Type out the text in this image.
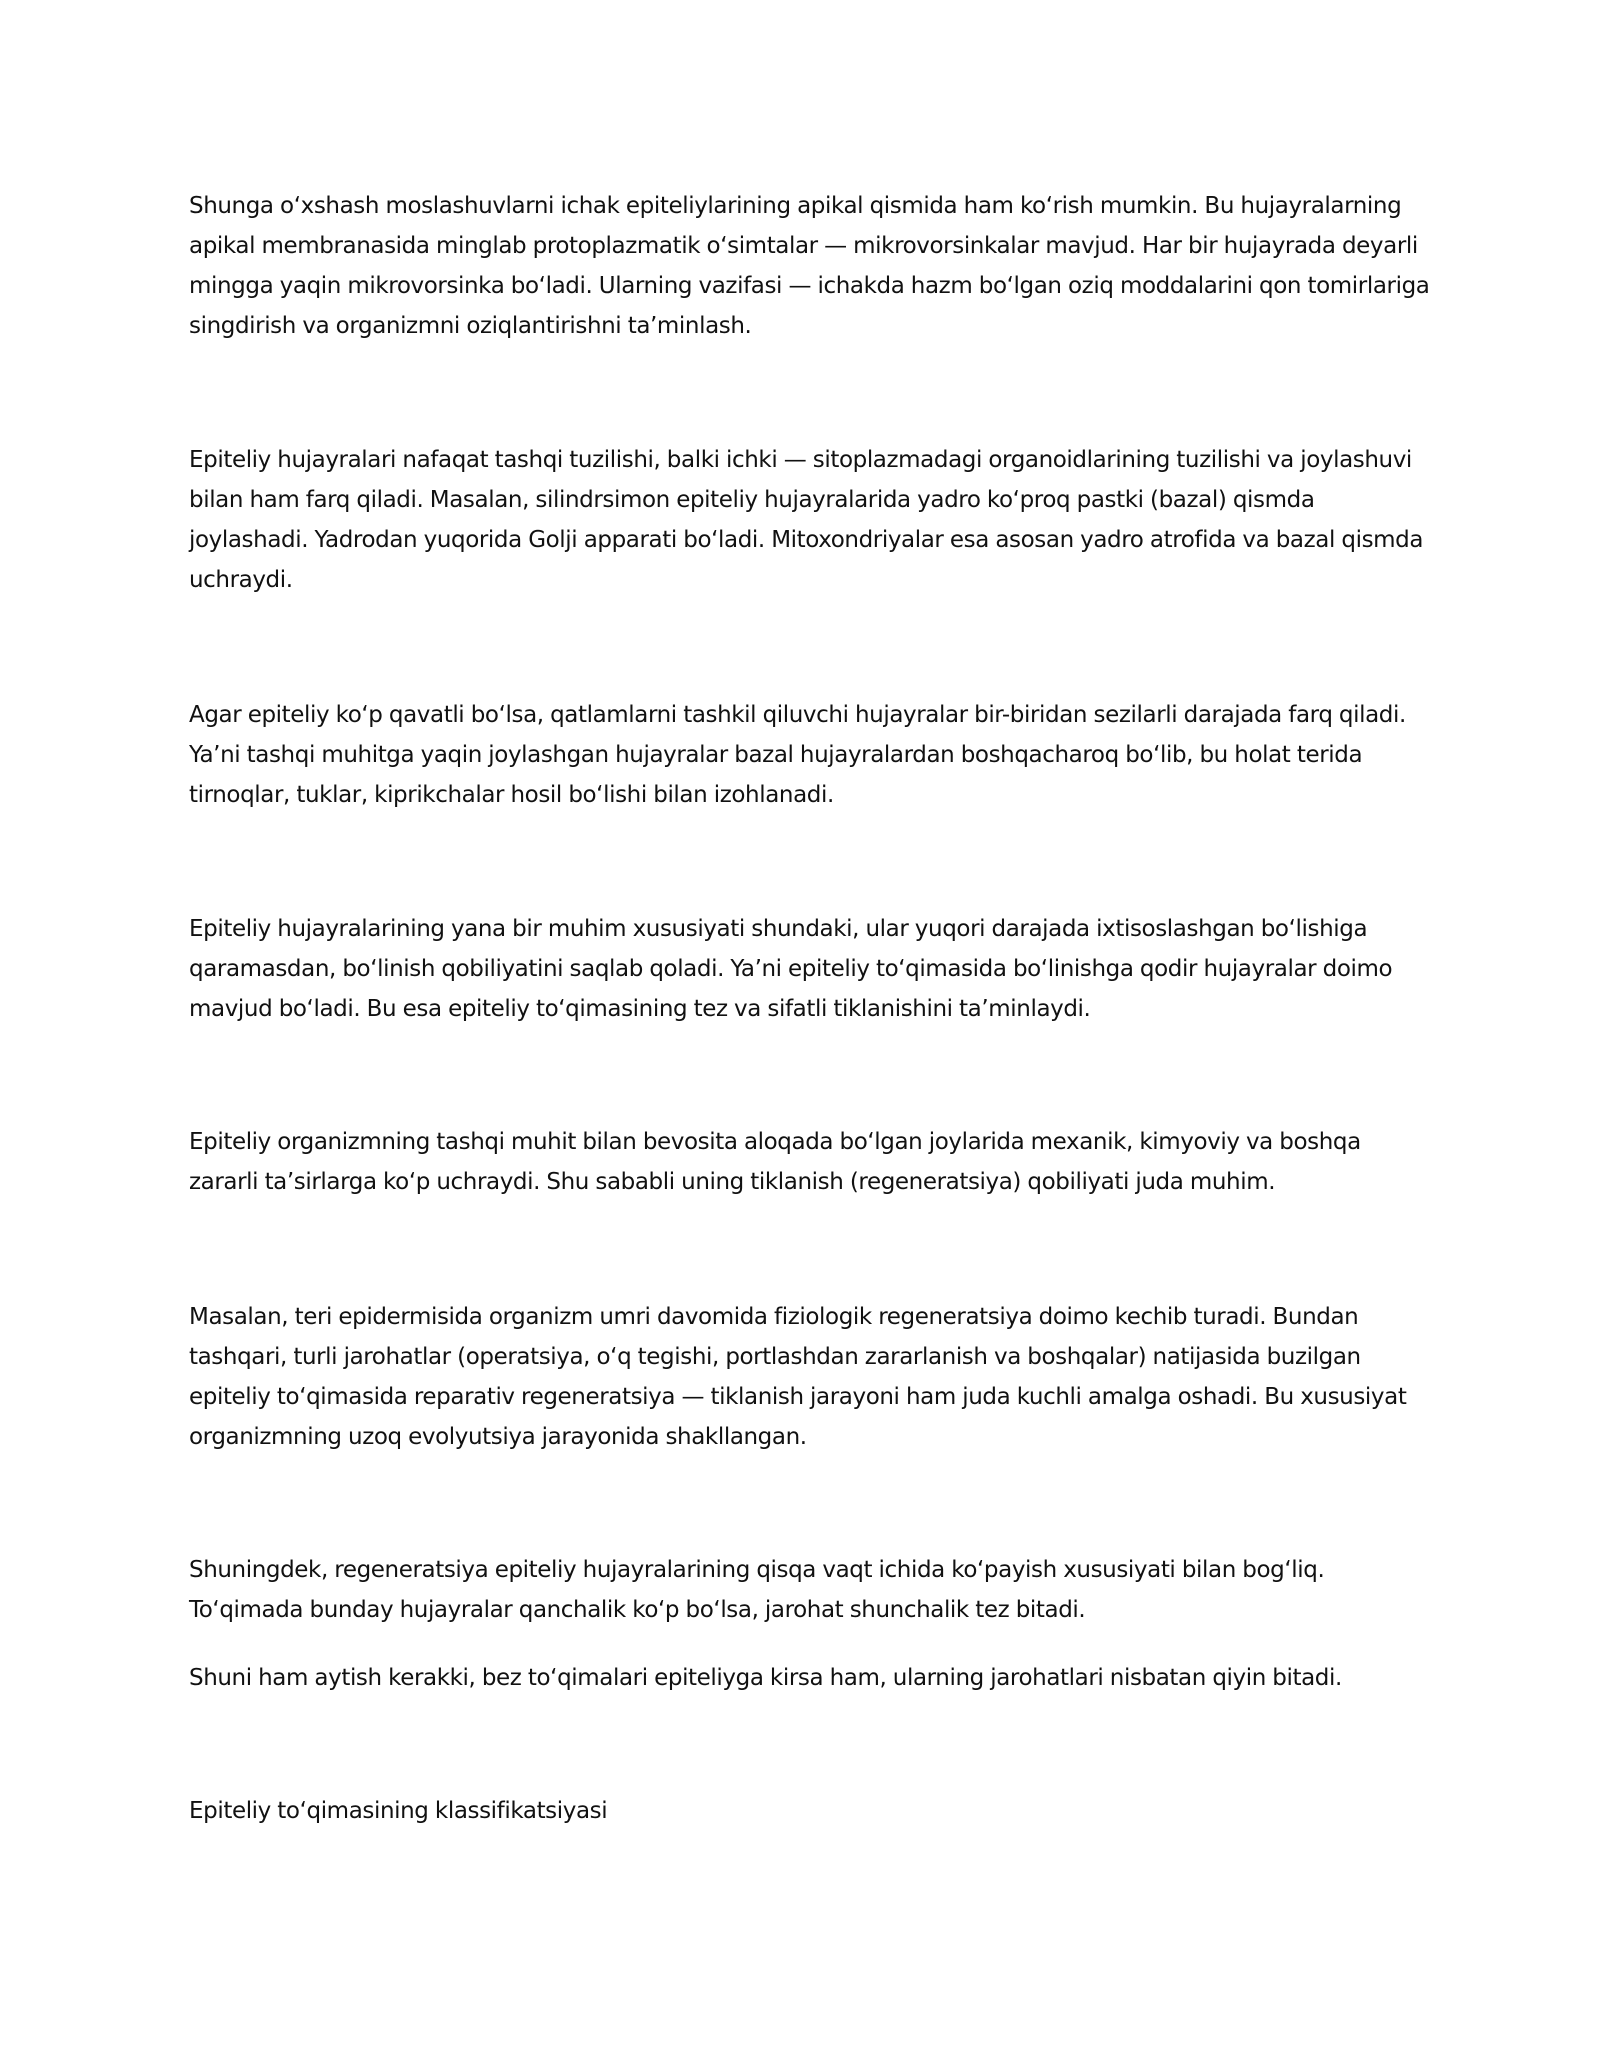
Shunga o‘xshash moslashuvlarni ichak epiteliylarining apikal qismida ham ko‘rish mumkin. Bu hujayralarning apikal membranasida minglab protoplazmatik o‘simtalar — mikrovorsinkalar mavjud. Har bir hujayrada deyarli mingga yaqin mikrovorsinka bo‘ladi. Ularning vazifasi — ichakda hazm bo‘lgan oziq moddalarini qon tomirlariga singdirish va organizmni oziqlantirishni ta’minlash.

Epiteliy hujayralari nafaqat tashqi tuzilishi, balki ichki — sitoplazmadagi organoidlarining tuzilishi va joylashuvi bilan ham farq qiladi. Masalan, silindrsimon epiteliy hujayralarida yadro ko‘proq pastki (bazal) qismda joylashadi. Yadrodan yuqorida Golji apparati bo‘ladi. Mitoxondriyalar esa asosan yadro atrofida va bazal qismda uchraydi.

Agar epiteliy ko‘p qavatli bo‘lsa, qatlamlarni tashkil qiluvchi hujayralar bir-biridan sezilarli darajada farq qiladi. Ya’ni tashqi muhitga yaqin joylashgan hujayralar bazal hujayralardan boshqacharoq bo‘lib, bu holat terida tirnoqlar, tuklar, kiprikchalar hosil bo‘lishi bilan izohlanadi.

Epiteliy hujayralarining yana bir muhim xususiyati shundaki, ular yuqori darajada ixtisoslashgan bo‘lishiga qaramasdan, bo‘linish qobiliyatini saqlab qoladi. Ya’ni epiteliy to‘qimasida bo‘linishga qodir hujayralar doimo mavjud bo‘ladi. Bu esa epiteliy to‘qimasining tez va sifatli tiklanishini ta’minlaydi.

Epiteliy organizmning tashqi muhit bilan bevosita aloqada bo‘lgan joylarida mexanik, kimyoviy va boshqa zararli ta’sirlarga ko‘p uchraydi. Shu sababli uning tiklanish (regeneratsiya) qobiliyati juda muhim.

Masalan, teri epidermisida organizm umri davomida fiziologik regeneratsiya doimo kechib turadi. Bundan tashqari, turli jarohatlar (operatsiya, o‘q tegishi, portlashdan zararlanish va boshqalar) natijasida buzilgan epiteliy to‘qimasida reparativ regeneratsiya — tiklanish jarayoni ham juda kuchli amalga oshadi. Bu xususiyat organizmning uzoq evolyutsiya jarayonida shakllangan.

Shuningdek, regeneratsiya epiteliy hujayralarining qisqa vaqt ichida ko‘payish xususiyati bilan bog‘liq. To‘qimada bunday hujayralar qanchalik ko‘p bo‘lsa, jarohat shunchalik tez bitadi.

Shuni ham aytish kerakki, bez to‘qimalari epiteliyga kirsa ham, ularning jarohatlari nisbatan qiyin bitadi.

Epiteliy to‘qimasining klassifikatsiyasi
